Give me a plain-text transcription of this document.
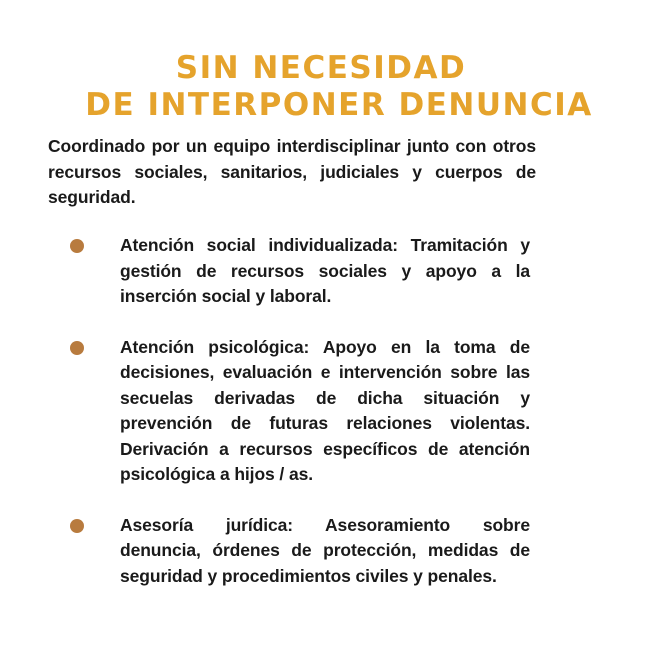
SIN NECESIDAD
DE INTERPONER DENUNCIA

Coordinado por un equipo interdisciplinar junto con otros recursos sociales, sanitarios, judiciales y cuerpos de seguridad.

Atención social individualizada: Tramitación y gestión de recursos sociales y apoyo a la inserción social y laboral.
Atención psicológica: Apoyo en la toma de decisiones, evaluación e intervención sobre las secuelas derivadas de dicha situación y prevención de futuras relaciones violentas. Derivación a recursos específicos de atención psicológica a hijos / as.
Asesoría jurídica: Asesoramiento sobre denuncia, órdenes de protección, medidas de seguridad y procedimientos civiles y penales.
